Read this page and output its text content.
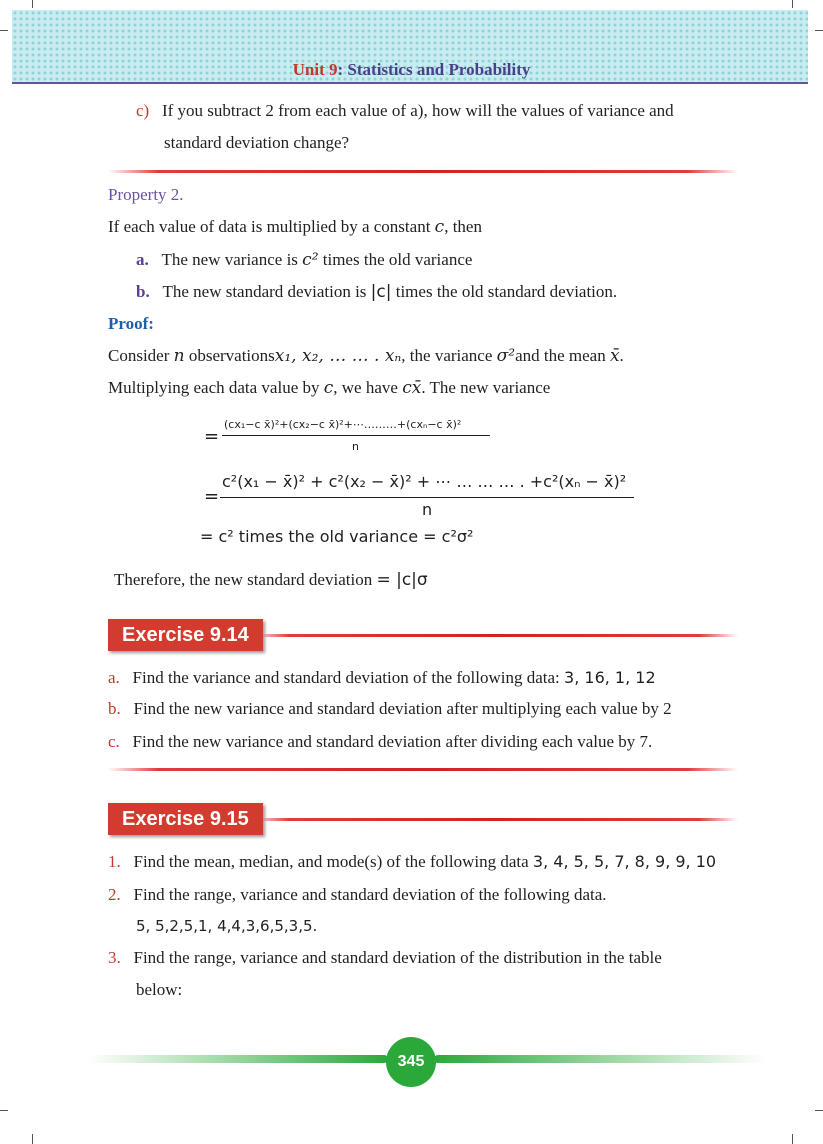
Unit 9: Statistics and Probability
c) If you subtract 2 from each value of a), how will the values of variance and
standard deviation change?
Property 2.
If each value of data is multiplied by a constant c, then
a. The new variance is c² times the old variance
b. The new standard deviation is |c| times the old standard deviation.
Proof:
Consider n observationsx₁, x₂, … … . xₙ, the variance σ²and the mean x̄.
Multiplying each data value by c, we have cx̄. The new variance
=
(cx₁−c x̄)²+(cx₂−c x̄)²+⋯………+(cxₙ−c x̄)²
n
=
c²(x₁ − x̄)² + c²(x₂ − x̄)² + ⋯ … … … . +c²(xₙ − x̄)²
n
= c² times the old variance = c²σ²
Therefore, the new standard deviation = |c|σ
Exercise 9.14
a. Find the variance and standard deviation of the following data: 3, 16, 1, 12
b. Find the new variance and standard deviation after multiplying each value by 2
c. Find the new variance and standard deviation after dividing each value by 7.
Exercise 9.15
1. Find the mean, median, and mode(s) of the following data 3, 4, 5, 5, 7, 8, 9, 9, 10
2. Find the range, variance and standard deviation of the following data.
5, 5,2,5,1, 4,4,3,6,5,3,5.
3. Find the range, variance and standard deviation of the distribution in the table
below:
345
